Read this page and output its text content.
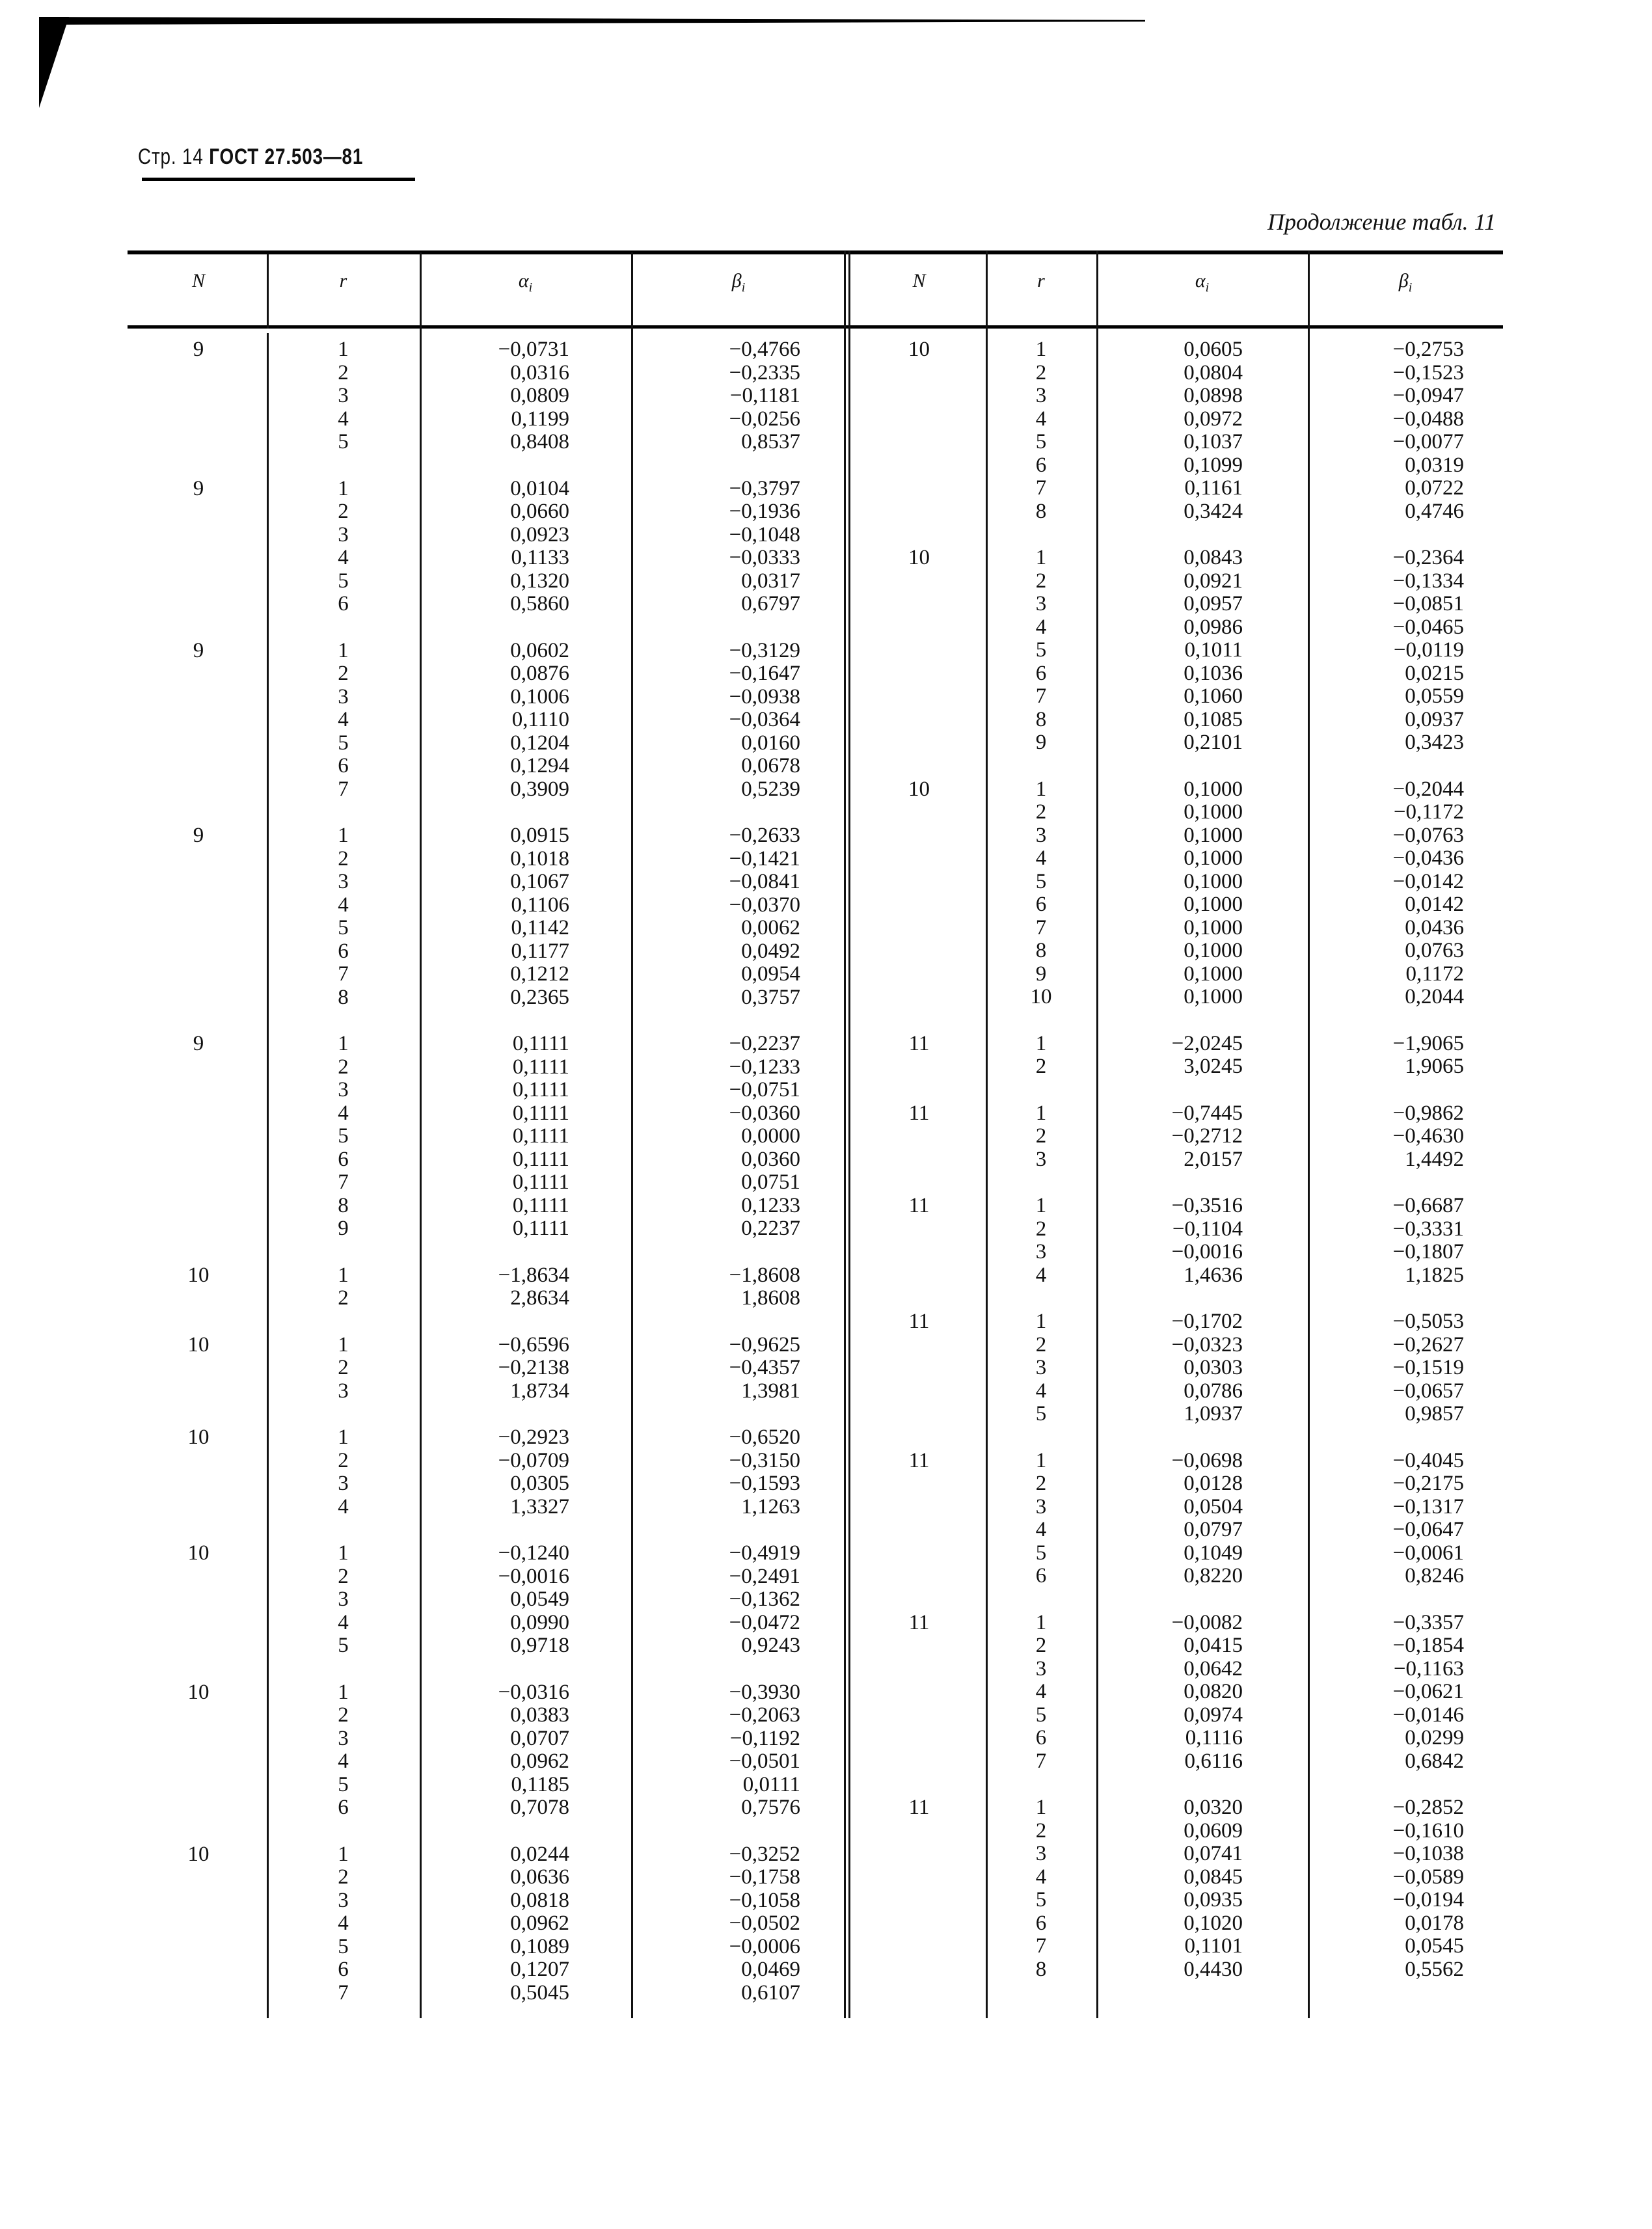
Стр. 14 ГОСТ 27.503—81
Продолжение табл. 11
N	r	$\alpha_i$	$\beta_i$	N	r	$\alpha_i$	$\beta_i$
9	1	−0,0731	−0,4766
2	0,0316	−0,2335
3	0,0809	−0,1181
4	0,1199	−0,0256
5	0,8408	0,8537
9	1	0,0104	−0,3797
2	0,0660	−0,1936
3	0,0923	−0,1048
4	0,1133	−0,0333
5	0,1320	0,0317
6	0,5860	0,6797
9	1	0,0602	−0,3129
2	0,0876	−0,1647
3	0,1006	−0,0938
4	0,1110	−0,0364
5	0,1204	0,0160
6	0,1294	0,0678
7	0,3909	0,5239
9	1	0,0915	−0,2633
2	0,1018	−0,1421
3	0,1067	−0,0841
4	0,1106	−0,0370
5	0,1142	0,0062
6	0,1177	0,0492
7	0,1212	0,0954
8	0,2365	0,3757
9	1	0,1111	−0,2237
2	0,1111	−0,1233
3	0,1111	−0,0751
4	0,1111	−0,0360
5	0,1111	0,0000
6	0,1111	0,0360
7	0,1111	0,0751
8	0,1111	0,1233
9	0,1111	0,2237
10	1	−1,8634	−1,8608
2	2,8634	1,8608
10	1	−0,6596	−0,9625
2	−0,2138	−0,4357
3	1,8734	1,3981
10	1	−0,2923	−0,6520
2	−0,0709	−0,3150
3	0,0305	−0,1593
4	1,3327	1,1263
10	1	−0,1240	−0,4919
2	−0,0016	−0,2491
3	0,0549	−0,1362
4	0,0990	−0,0472
5	0,9718	0,9243
10	1	−0,0316	−0,3930
2	0,0383	−0,2063
3	0,0707	−0,1192
4	0,0962	−0,0501
5	0,1185	0,0111
6	0,7078	0,7576
10	1	0,0244	−0,3252
2	0,0636	−0,1758
3	0,0818	−0,1058
4	0,0962	−0,0502
5	0,1089	−0,0006
6	0,1207	0,0469
7	0,5045	0,6107
10	1	0,0605	−0,2753
2	0,0804	−0,1523
3	0,0898	−0,0947
4	0,0972	−0,0488
5	0,1037	−0,0077
6	0,1099	0,0319
7	0,1161	0,0722
8	0,3424	0,4746
10	1	0,0843	−0,2364
2	0,0921	−0,1334
3	0,0957	−0,0851
4	0,0986	−0,0465
5	0,1011	−0,0119
6	0,1036	0,0215
7	0,1060	0,0559
8	0,1085	0,0937
9	0,2101	0,3423
10	1	0,1000	−0,2044
2	0,1000	−0,1172
3	0,1000	−0,0763
4	0,1000	−0,0436
5	0,1000	−0,0142
6	0,1000	0,0142
7	0,1000	0,0436
8	0,1000	0,0763
9	0,1000	0,1172
10	0,1000	0,2044
11	1	−2,0245	−1,9065
2	3,0245	1,9065
11	1	−0,7445	−0,9862
2	−0,2712	−0,4630
3	2,0157	1,4492
11	1	−0,3516	−0,6687
2	−0,1104	−0,3331
3	−0,0016	−0,1807
4	1,4636	1,1825
11	1	−0,1702	−0,5053
2	−0,0323	−0,2627
3	0,0303	−0,1519
4	0,0786	−0,0657
5	1,0937	0,9857
11	1	−0,0698	−0,4045
2	0,0128	−0,2175
3	0,0504	−0,1317
4	0,0797	−0,0647
5	0,1049	−0,0061
6	0,8220	0,8246
11	1	−0,0082	−0,3357
2	0,0415	−0,1854
3	0,0642	−0,1163
4	0,0820	−0,0621
5	0,0974	−0,0146
6	0,1116	0,0299
7	0,6116	0,6842
11	1	0,0320	−0,2852
2	0,0609	−0,1610
3	0,0741	−0,1038
4	0,0845	−0,0589
5	0,0935	−0,0194
6	0,1020	0,0178
7	0,1101	0,0545
8	0,4430	0,5562
